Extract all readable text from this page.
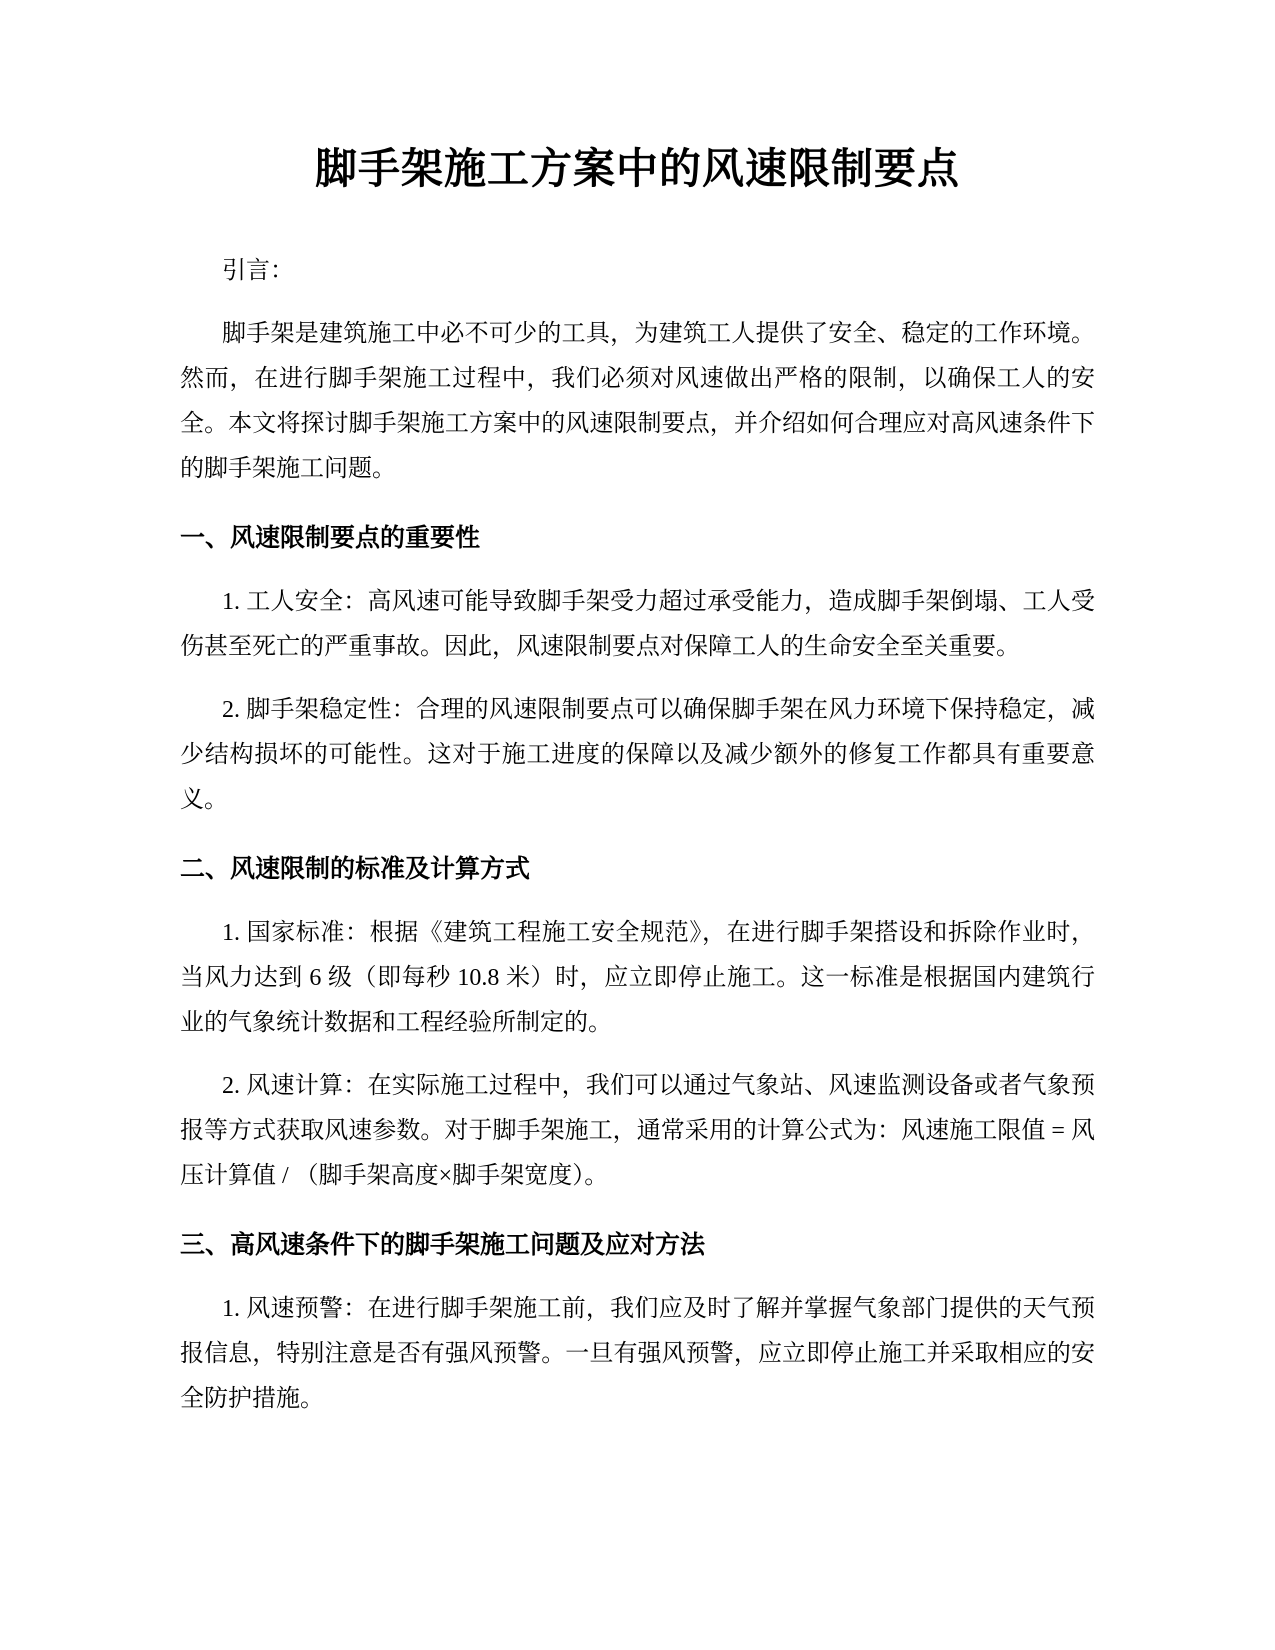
脚手架施工方案中的风速限制要点

引言：

脚手架是建筑施工中必不可少的工具，为建筑工人提供了安全、稳定的工作环境。然而，在进行脚手架施工过程中，我们必须对风速做出严格的限制，以确保工人的安全。本文将探讨脚手架施工方案中的风速限制要点，并介绍如何合理应对高风速条件下的脚手架施工问题。

一、风速限制要点的重要性

1. 工人安全：高风速可能导致脚手架受力超过承受能力，造成脚手架倒塌、工人受伤甚至死亡的严重事故。因此，风速限制要点对保障工人的生命安全至关重要。

2. 脚手架稳定性：合理的风速限制要点可以确保脚手架在风力环境下保持稳定，减少结构损坏的可能性。这对于施工进度的保障以及减少额外的修复工作都具有重要意义。

二、风速限制的标准及计算方式

1. 国家标准：根据《建筑工程施工安全规范》，在进行脚手架搭设和拆除作业时，当风力达到 6 级（即每秒 10.8 米）时，应立即停止施工。这一标准是根据国内建筑行业的气象统计数据和工程经验所制定的。

2. 风速计算：在实际施工过程中，我们可以通过气象站、风速监测设备或者气象预报等方式获取风速参数。对于脚手架施工，通常采用的计算公式为：风速施工限值 = 风压计算值 / （脚手架高度×脚手架宽度）。

三、高风速条件下的脚手架施工问题及应对方法

1. 风速预警：在进行脚手架施工前，我们应及时了解并掌握气象部门提供的天气预报信息，特别注意是否有强风预警。一旦有强风预警，应立即停止施工并采取相应的安全防护措施。
